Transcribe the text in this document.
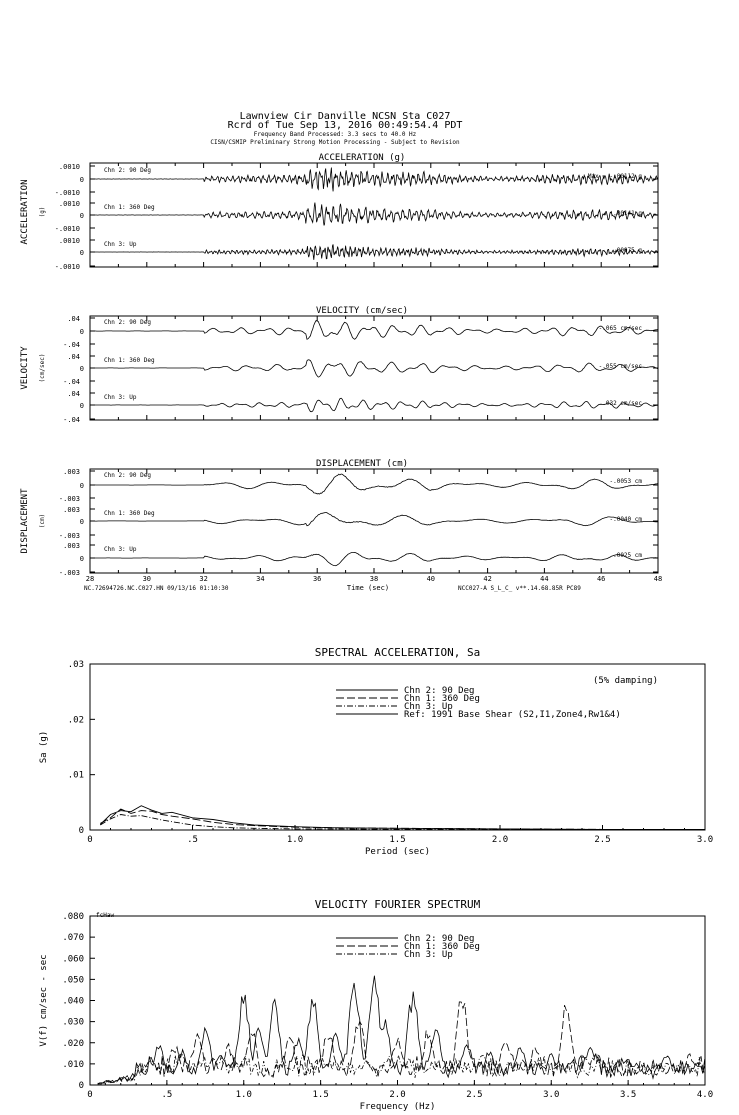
Lawnview Cir Danville NCSN Sta C027
Rcrd of Tue Sep 13, 2016 00:49:54.4 PDT
Frequency Band Processed: 3.3 secs to 40.0 Hz
CISN/CSMIP Preliminary Strong Motion Processing - Subject to Revision
ACCELERATION (g)
ACCELERATION (g)
Chn 2: 90 Deg
.0010
0
-.0010
Max = -.00112 g
Chn 1: 360 Deg
.0010
0
-.0010
.00141 g
Chn 3: Up
.0010
0
-.0010
.00075 g
VELOCITY (cm/sec)
VELOCITY (cm/sec)
Chn 2: 90 Deg
.04
0
-.04
-.065 cm/sec
Chn 1: 360 Deg
.04
0
-.04
-.055 cm/sec
Chn 3: Up
.04
0
-.04
.032 cm/sec
DISPLACEMENT (cm)
DISPLACEMENT (cm)
Chn 2: 90 Deg
.003
0
-.003
-.0053 cm
Chn 1: 360 Deg
.003
0
-.003
-.0040 cm
Chn 3: Up
.003
0
-.003
.0025 cm
28	30	32	34	36	38	40	42	44	46	48
Time (sec)
NC.72694726.NC.C027.HN 09/13/16 01:10:30	NCC027-A S_L_C_ v**.14.68.85R PC89
SPECTRAL ACCELERATION, Sa
Period (sec)
Sa (g)
0	.5	1.0	1.5	2.0	2.5	3.0
0
.01
.02
.03
Chn 2: 90 Deg
Chn 1: 360 Deg
Chn 3: Up
Ref: 1991 Base Shear (S2,I1,Zone4,Rw1&4)
(5% damping)
VELOCITY FOURIER SPECTRUM
Frequency (Hz)
V(f) cm/sec - sec
0	.5	1.0	1.5	2.0	2.5	3.0	3.5	4.0
0
.010
.020
.030
.040
.050
.060
.070
.080
Chn 2: 90 Deg
Chn 1: 360 Deg
Chn 3: Up
fcHaw
